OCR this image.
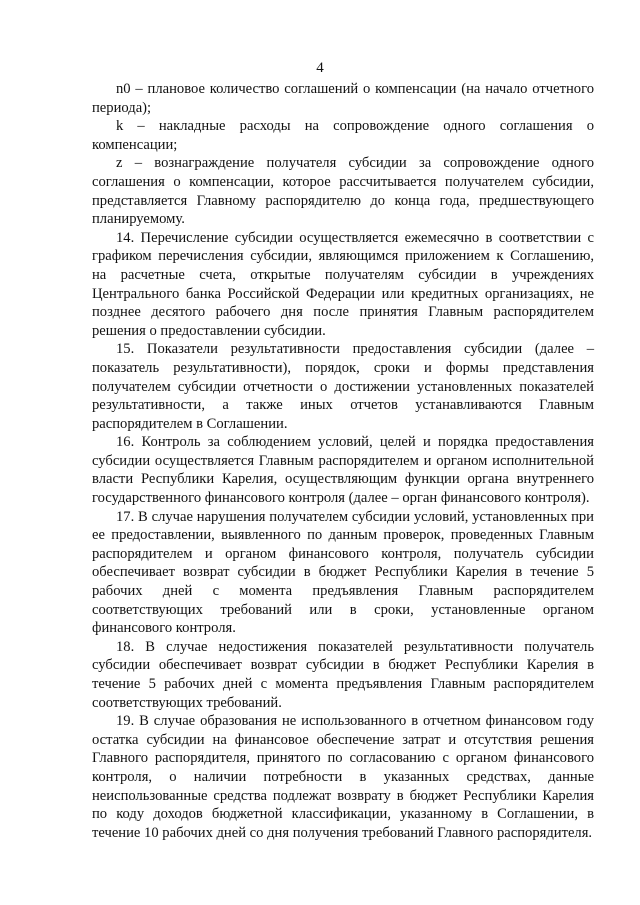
4

n0 – плановое количество соглашений о компенсации (на начало отчетного периода);

k – накладные расходы на сопровождение одного соглашения о компенсации;

z – вознаграждение получателя субсидии за сопровождение одного соглашения о компенсации, которое рассчитывается получателем субсидии, представляется Главному распорядителю до конца года, предшествующего планируемому.

14. Перечисление субсидии осуществляется ежемесячно в соответствии с графиком перечисления субсидии, являющимся приложением к Соглашению, на расчетные счета, открытые получателям субсидии в учреждениях Центрального банка Российской Федерации или кредитных организациях, не позднее десятого рабочего дня после принятия Главным распорядителем решения о предоставлении субсидии.

15. Показатели результативности предоставления субсидии (далее – показатель результативности), порядок, сроки и формы представления получателем субсидии отчетности о достижении установленных показателей результативности, а также иных отчетов устанавливаются Главным распорядителем в Соглашении.

16. Контроль за соблюдением условий, целей и порядка предоставления субсидии осуществляется Главным распорядителем и органом исполнительной власти Республики Карелия, осуществляющим функции органа внутреннего государственного финансового контроля (далее – орган финансового контроля).

17. В случае нарушения получателем субсидии условий, установленных при ее предоставлении, выявленного по данным проверок, проведенных Главным распорядителем и органом финансового контроля, получатель субсидии обеспечивает возврат субсидии в бюджет Республики Карелия в течение 5 рабочих дней с момента предъявления Главным распорядителем соответствующих требований или в сроки, установленные органом финансового контроля.

18. В случае недостижения показателей результативности получатель субсидии обеспечивает возврат субсидии в бюджет Республики Карелия в течение 5 рабочих дней с момента предъявления Главным распорядителем соответствующих требований.

19. В случае образования не использованного в отчетном финансовом году остатка субсидии на финансовое обеспечение затрат и отсутствия решения Главного распорядителя, принятого по согласованию с органом финансового контроля, о наличии потребности в указанных средствах, данные неиспользованные средства подлежат возврату в бюджет Республики Карелия по коду доходов бюджетной классификации, указанному в Соглашении, в течение 10 рабочих дней со дня получения требований Главного распорядителя.
